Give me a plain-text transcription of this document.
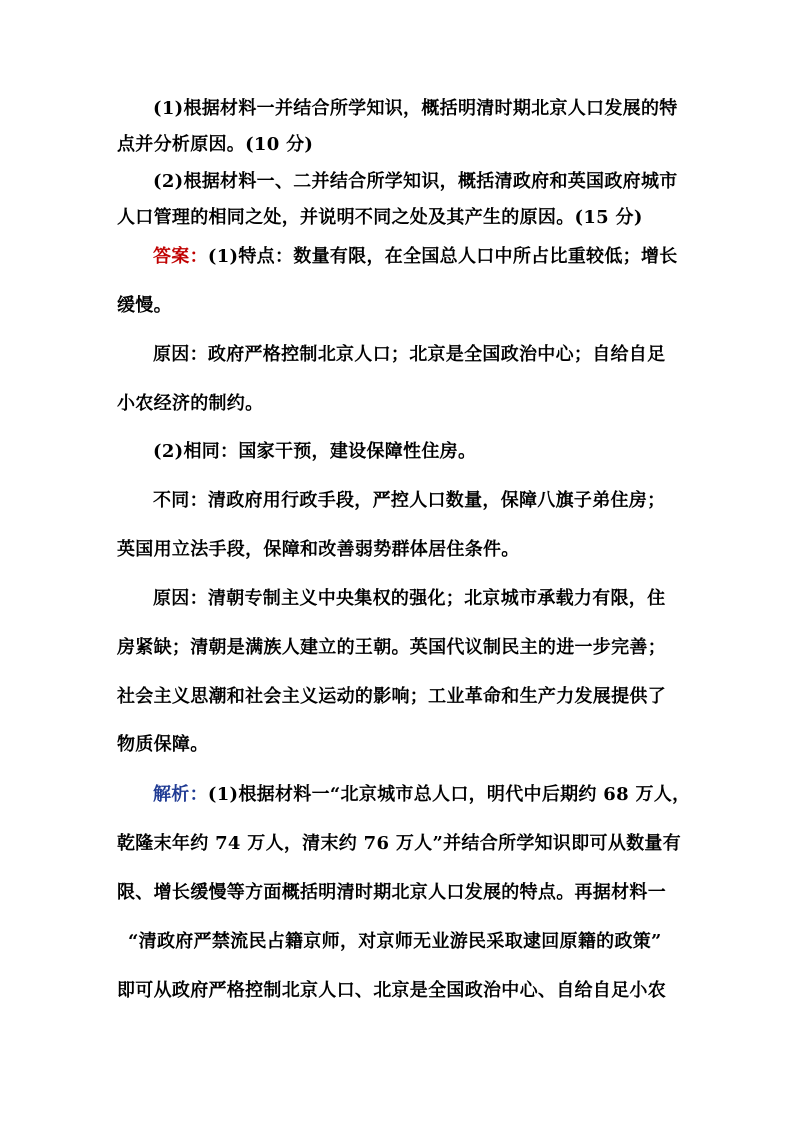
(1)根据材料一并结合所学知识，概括明清时期北京人口发展的特
点并分析原因。(10 分)
(2)根据材料一、二并结合所学知识，概括清政府和英国政府城市
人口管理的相同之处，并说明不同之处及其产生的原因。(15 分)
答案：(1)特点：数量有限，在全国总人口中所占比重较低；增长
缓慢。
原因：政府严格控制北京人口；北京是全国政治中心；自给自足
小农经济的制约。
(2)相同：国家干预，建设保障性住房。
不同：清政府用行政手段，严控人口数量，保障八旗子弟住房；
英国用立法手段，保障和改善弱势群体居住条件。
原因：清朝专制主义中央集权的强化；北京城市承载力有限，住
房紧缺；清朝是满族人建立的王朝。英国代议制民主的进一步完善；
社会主义思潮和社会主义运动的影响；工业革命和生产力发展提供了
物质保障。
解析：(1)根据材料一“北京城市总人口，明代中后期约 68 万人，
乾隆末年约 74 万人，清末约 76 万人”并结合所学知识即可从数量有
限、增长缓慢等方面概括明清时期北京人口发展的特点。再据材料一
“清政府严禁流民占籍京师，对京师无业游民采取逮回原籍的政策”
即可从政府严格控制北京人口、北京是全国政治中心、自给自足小农
